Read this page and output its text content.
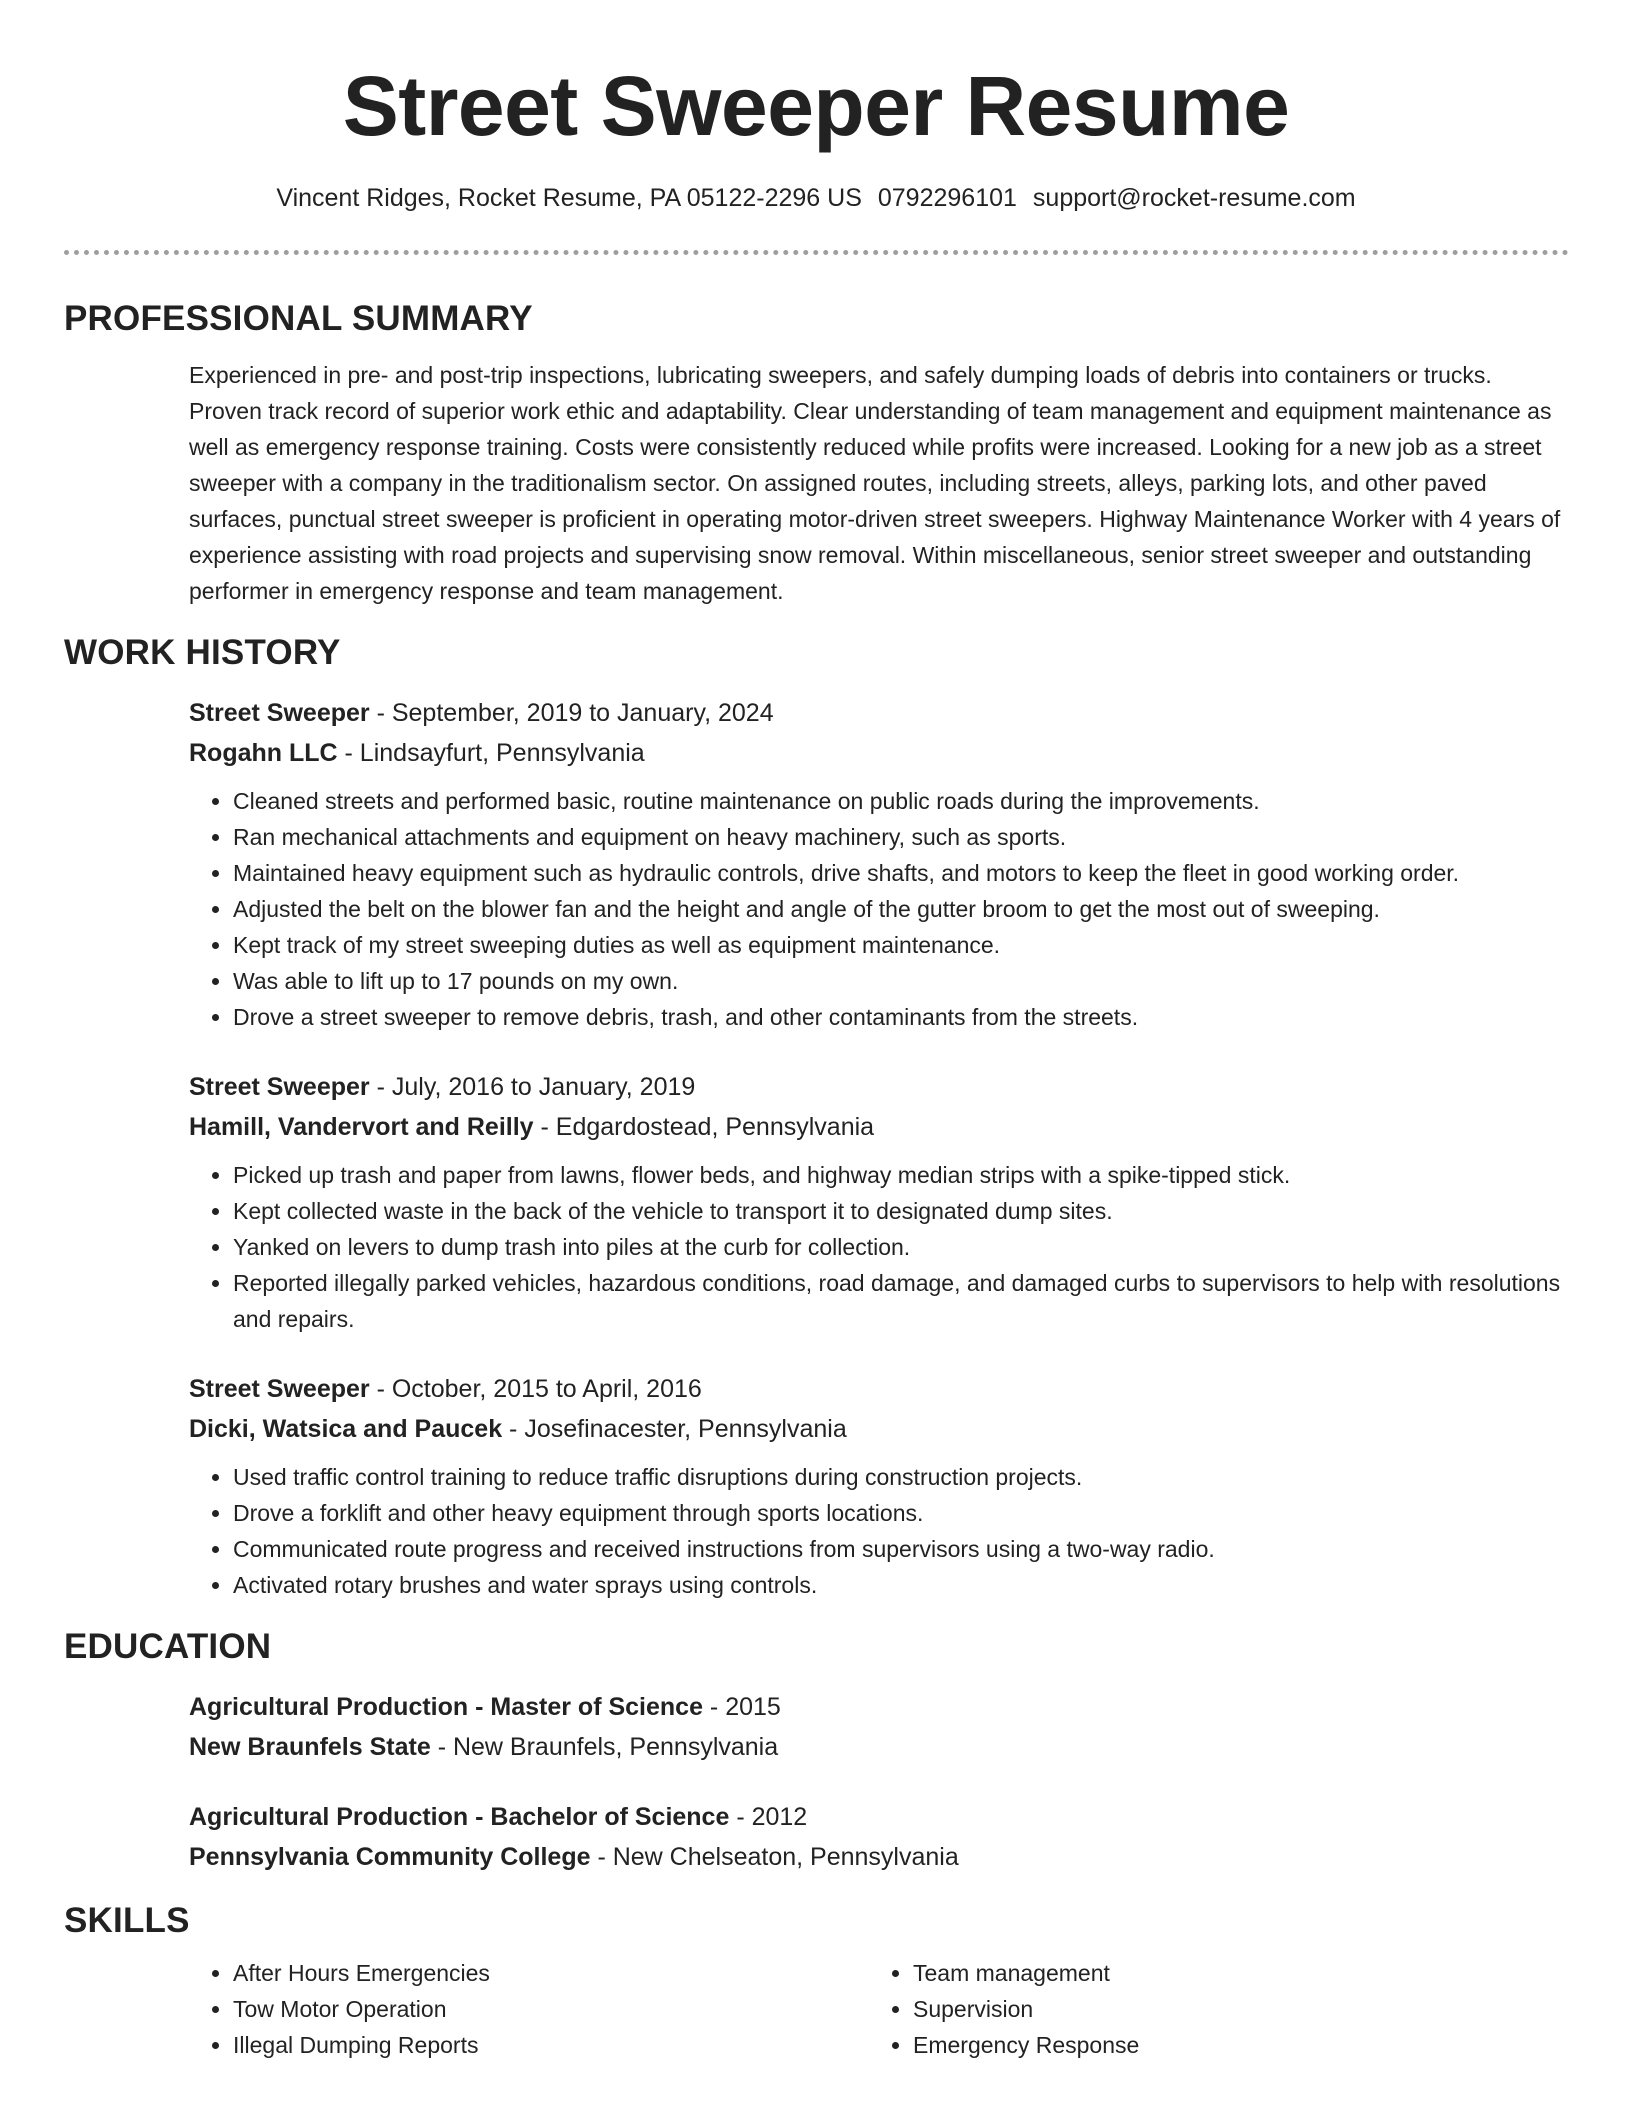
Street Sweeper Resume
Vincent Ridges, Rocket Resume, PA 05122-2296 US 0792296101 support@rocket-resume.com
PROFESSIONAL SUMMARY
Experienced in pre- and post-trip inspections, lubricating sweepers, and safely dumping loads of debris into containers or trucks. Proven track record of superior work ethic and adaptability. Clear understanding of team management and equipment maintenance as well as emergency response training. Costs were consistently reduced while profits were increased. Looking for a new job as a street sweeper with a company in the traditionalism sector. On assigned routes, including streets, alleys, parking lots, and other paved surfaces, punctual street sweeper is proficient in operating motor-driven street sweepers. Highway Maintenance Worker with 4 years of experience assisting with road projects and supervising snow removal. Within miscellaneous, senior street sweeper and outstanding performer in emergency response and team management.
WORK HISTORY
Street Sweeper - September, 2019 to January, 2024
Rogahn LLC - Lindsayfurt, Pennsylvania
• Cleaned streets and performed basic, routine maintenance on public roads during the improvements.
• Ran mechanical attachments and equipment on heavy machinery, such as sports.
• Maintained heavy equipment such as hydraulic controls, drive shafts, and motors to keep the fleet in good working order.
• Adjusted the belt on the blower fan and the height and angle of the gutter broom to get the most out of sweeping.
• Kept track of my street sweeping duties as well as equipment maintenance.
• Was able to lift up to 17 pounds on my own.
• Drove a street sweeper to remove debris, trash, and other contaminants from the streets.
Street Sweeper - July, 2016 to January, 2019
Hamill, Vandervort and Reilly - Edgardostead, Pennsylvania
• Picked up trash and paper from lawns, flower beds, and highway median strips with a spike-tipped stick.
• Kept collected waste in the back of the vehicle to transport it to designated dump sites.
• Yanked on levers to dump trash into piles at the curb for collection.
• Reported illegally parked vehicles, hazardous conditions, road damage, and damaged curbs to supervisors to help with resolutions and repairs.
Street Sweeper - October, 2015 to April, 2016
Dicki, Watsica and Paucek - Josefinacester, Pennsylvania
• Used traffic control training to reduce traffic disruptions during construction projects.
• Drove a forklift and other heavy equipment through sports locations.
• Communicated route progress and received instructions from supervisors using a two-way radio.
• Activated rotary brushes and water sprays using controls.
EDUCATION
Agricultural Production - Master of Science - 2015
New Braunfels State - New Braunfels, Pennsylvania
Agricultural Production - Bachelor of Science - 2012
Pennsylvania Community College - New Chelseaton, Pennsylvania
SKILLS
• After Hours Emergencies
• Tow Motor Operation
• Illegal Dumping Reports
• Team management
• Supervision
• Emergency Response
